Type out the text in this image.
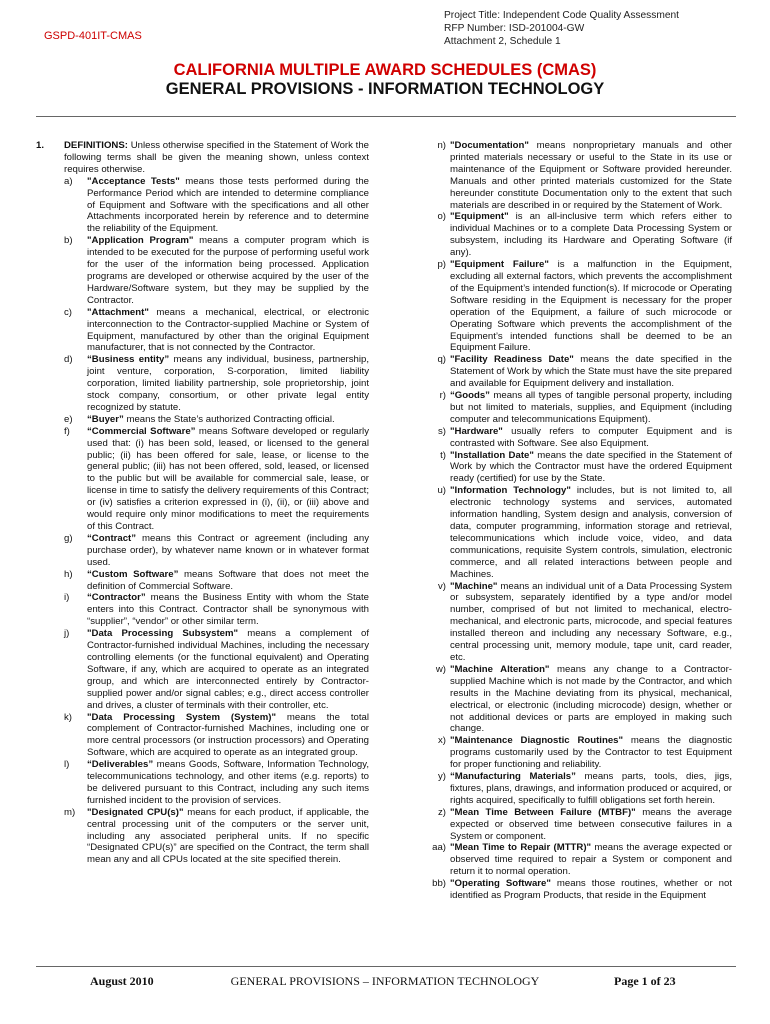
GSPD-401IT-CMAS
Project Title: Independent Code Quality Assessment
RFP Number: ISD-201004-GW
Attachment 2, Schedule 1
CALIFORNIA MULTIPLE AWARD SCHEDULES (CMAS)
GENERAL PROVISIONS - INFORMATION TECHNOLOGY
1. DEFINITIONS: Unless otherwise specified in the Statement of Work the following terms shall be given the meaning shown, unless context requires otherwise.
a)	"Acceptance Tests" means those tests performed during the Performance Period which are intended to determine compliance of Equipment and Software with the specifications and all other Attachments incorporated herein by reference and to determine the reliability of the Equipment.
b)	"Application Program" means a computer program which is intended to be executed for the purpose of performing useful work for the user of the information being processed. Application programs are developed or otherwise acquired by the user of the Hardware/Software system, but they may be supplied by the Contractor.
c)	"Attachment" means a mechanical, electrical, or electronic interconnection to the Contractor-supplied Machine or System of Equipment, manufactured by other than the original Equipment manufacturer, that is not connected by the Contractor.
d)	“Business entity” means any individual, business, partnership, joint venture, corporation, S-corporation, limited liability corporation, limited liability partnership, sole proprietorship, joint stock company, consortium, or other private legal entity recognized by statute.
e)	“Buyer” means the State’s authorized Contracting official.
f)	“Commercial Software” means Software developed or regularly used that: (i) has been sold, leased, or licensed to the general public; (ii) has been offered for sale, lease, or license to the general public; (iii) has not been offered, sold, leased, or licensed to the public but will be available for commercial sale, lease, or license in time to satisfy the delivery requirements of this Contract; or (iv) satisfies a criterion expressed in (i), (ii), or (iii) above and would require only minor modifications to meet the requirements of this Contract.
g)	“Contract” means this Contract or agreement (including any purchase order), by whatever name known or in whatever format used.
h)	“Custom Software” means Software that does not meet the definition of Commercial Software.
i)	“Contractor” means the Business Entity with whom the State enters into this Contract. Contractor shall be synonymous with “supplier”, “vendor” or other similar term.
j)	"Data Processing Subsystem" means a complement of Contractor-furnished individual Machines, including the necessary controlling elements (or the functional equivalent) and Operating Software, if any, which are acquired to operate as an integrated group, and which are interconnected entirely by Contractor-supplied power and/or signal cables; e.g., direct access controller and drives, a cluster of terminals with their controller, etc.
k)	"Data Processing System (System)" means the total complement of Contractor-furnished Machines, including one or more central processors (or instruction processors) and Operating Software, which are acquired to operate as an integrated group.
l)	“Deliverables” means Goods, Software, Information Technology, telecommunications technology, and other items (e.g. reports) to be delivered pursuant to this Contract, including any such items furnished incident to the provision of services.
m)	"Designated CPU(s)" means for each product, if applicable, the central processing unit of the computers or the server unit, including any associated peripheral units. If no specific “Designated CPU(s)” are specified on the Contract, the term shall mean any and all CPUs located at the site specified therein.
n) "Documentation" means nonproprietary manuals and other printed materials necessary or useful to the State in its use or maintenance of the Equipment or Software provided hereunder. Manuals and other printed materials customized for the State hereunder constitute Documentation only to the extent that such materials are described in or required by the Statement of Work.
o) "Equipment" is an all-inclusive term which refers either to individual Machines or to a complete Data Processing System or subsystem, including its Hardware and Operating Software (if any).
p) "Equipment Failure" is a malfunction in the Equipment, excluding all external factors, which prevents the accomplishment of the Equipment’s intended function(s). If microcode or Operating Software residing in the Equipment is necessary for the proper operation of the Equipment, a failure of such microcode or Operating Software which prevents the accomplishment of the Equipment’s intended functions shall be deemed to be an Equipment Failure.
q) "Facility Readiness Date" means the date specified in the Statement of Work by which the State must have the site prepared and available for Equipment delivery and installation.
r) “Goods” means all types of tangible personal property, including but not limited to materials, supplies, and Equipment (including computer and telecommunications Equipment).
s) "Hardware" usually refers to computer Equipment and is contrasted with Software. See also Equipment.
t) "Installation Date" means the date specified in the Statement of Work by which the Contractor must have the ordered Equipment ready (certified) for use by the State.
u) "Information Technology" includes, but is not limited to, all electronic technology systems and services, automated information handling, System design and analysis, conversion of data, computer programming, information storage and retrieval, telecommunications which include voice, video, and data communications, requisite System controls, simulation, electronic commerce, and all related interactions between people and Machines.
v) "Machine" means an individual unit of a Data Processing System or subsystem, separately identified by a type and/or model number, comprised of but not limited to mechanical, electro-mechanical, and electronic parts, microcode, and special features installed thereon and including any necessary Software, e.g., central processing unit, memory module, tape unit, card reader, etc.
w) "Machine Alteration" means any change to a Contractor-supplied Machine which is not made by the Contractor, and which results in the Machine deviating from its physical, mechanical, electrical, or electronic (including microcode) design, whether or not additional devices or parts are employed in making such change.
x) "Maintenance Diagnostic Routines" means the diagnostic programs customarily used by the Contractor to test Equipment for proper functioning and reliability.
y) “Manufacturing Materials” means parts, tools, dies, jigs, fixtures, plans, drawings, and information produced or acquired, or rights acquired, specifically to fulfill obligations set forth herein.
z) "Mean Time Between Failure (MTBF)" means the average expected or observed time between consecutive failures in a System or component.
aa) "Mean Time to Repair (MTTR)" means the average expected or observed time required to repair a System or component and return it to normal operation.
bb) "Operating Software" means those routines, whether or not identified as Program Products, that reside in the Equipment
August 2010	GENERAL PROVISIONS – INFORMATION TECHNOLOGY	Page 1 of 23
